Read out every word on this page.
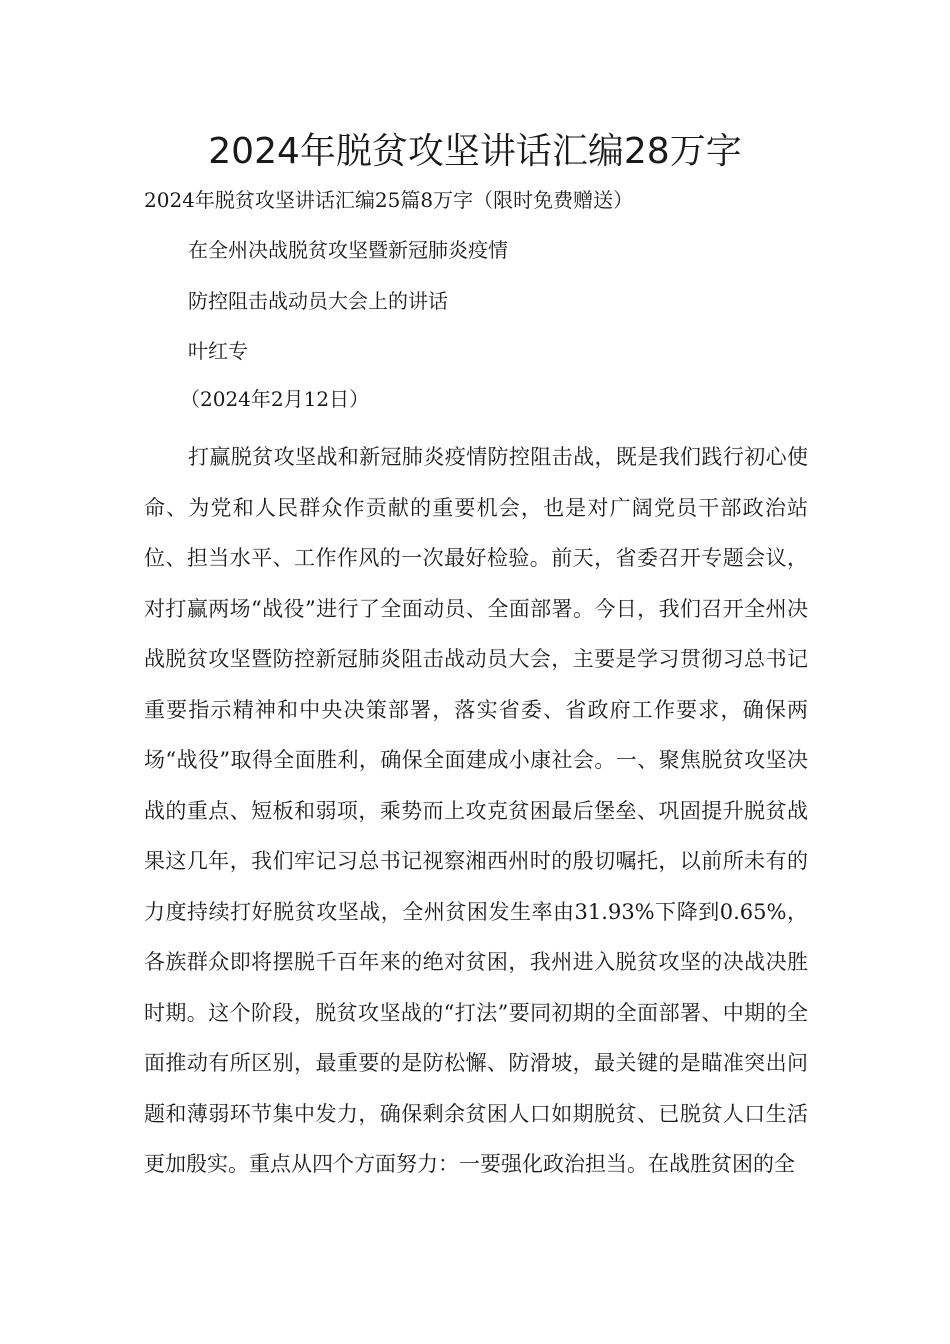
2024年脱贫攻坚讲话汇编28万字
2024年脱贫攻坚讲话汇编25篇8万字（限时免费赠送）
在全州决战脱贫攻坚暨新冠肺炎疫情
防控阻击战动员大会上的讲话
叶红专
（2024年2月12日）

打赢脱贫攻坚战和新冠肺炎疫情防控阻击战，既是我们践行初心使命、为党和人民群众作贡献的重要机会，也是对广阔党员干部政治站位、担当水平、工作作风的一次最好检验。前天，省委召开专题会议，对打赢两场“战役”进行了全面动员、全面部署。今日，我们召开全州决战脱贫攻坚暨防控新冠肺炎阻击战动员大会，主要是学习贯彻习总书记重要指示精神和中央决策部署，落实省委、省政府工作要求，确保两场“战役”取得全面胜利，确保全面建成小康社会。一、聚焦脱贫攻坚决战的重点、短板和弱项，乘势而上攻克贫困最后堡垒、巩固提升脱贫战果这几年，我们牢记习总书记视察湘西州时的殷切嘱托，以前所未有的力度持续打好脱贫攻坚战，全州贫困发生率由31.93%下降到0.65%，各族群众即将摆脱千百年来的绝对贫困，我州进入脱贫攻坚的决战决胜时期。这个阶段，脱贫攻坚战的“打法”要同初期的全面部署、中期的全面推动有所区别，最重要的是防松懈、防滑坡，最关键的是瞄准突出问题和薄弱环节集中发力，确保剩余贫困人口如期脱贫、已脱贫人口生活更加殷实。重点从四个方面努力：一要强化政治担当。在战胜贫困的全
